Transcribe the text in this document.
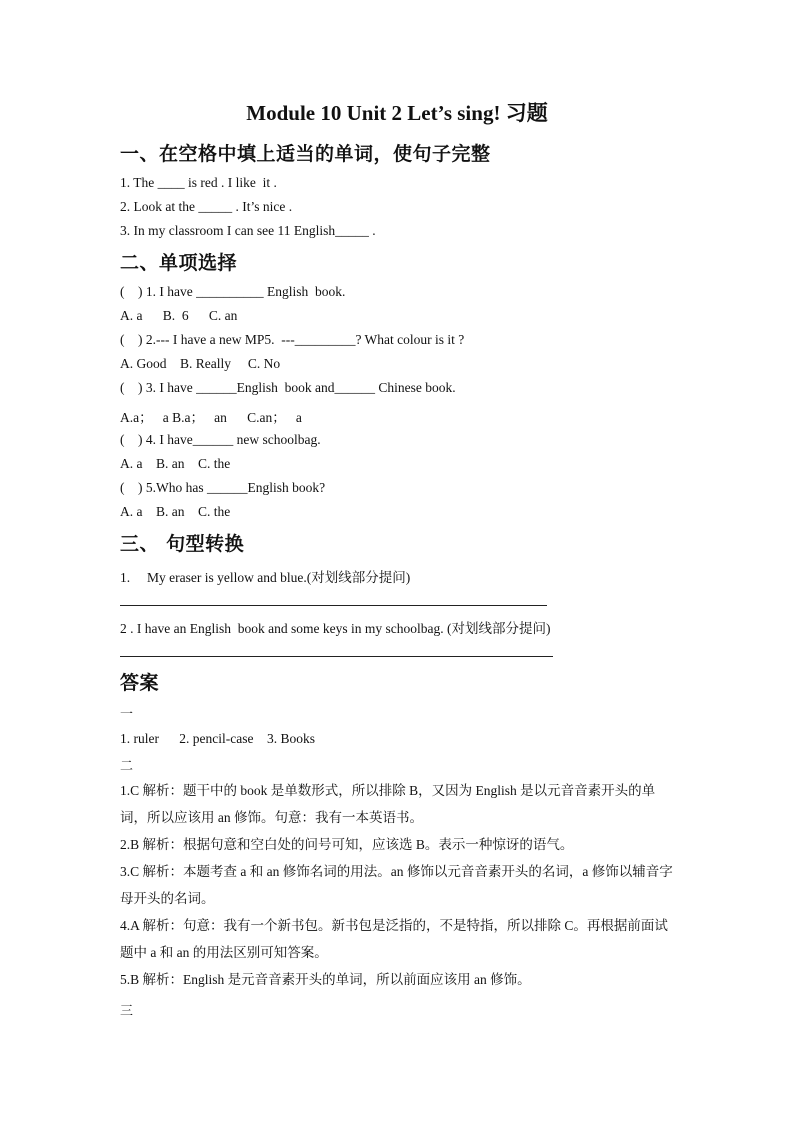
Module 10 Unit 2 Let’s sing! 习题
一、在空格中填上适当的单词，使句子完整
1. The ____ is red . I like  it .
2. Look at the _____ . It’s nice .
3. In my classroom I can see 11 English_____ .
二、单项选择
(    ) 1. I have __________ English  book.
A. a      B.  6      C. an
(    ) 2.--- I have a new MP5.  ---_________? What colour is it ?
A. Good    B. Really     C. No
(    ) 3. I have ______English  book and______ Chinese book.
A.a；   a B.a；   an      C.an；   a
(    ) 4. I have______ new schoolbag.
A. a    B. an    C. the
(    ) 5.Who has ______English book?
A. a    B. an    C. the
三、 句型转换
1.     My eraser is yellow and blue.(对划线部分提问)
2 . I have an English  book and some keys in my schoolbag. (对划线部分提问)
答案
一
1. ruler      2. pencil-case    3. Books
二
1.C 解析：题干中的 book 是单数形式，所以排除 B，又因为 English 是以元音音素开头的单词，所以应该用 an 修饰。句意：我有一本英语书。
2.B 解析：根据句意和空白处的问号可知，应该选 B。表示一种惊讶的语气。
3.C 解析：本题考查 a 和 an 修饰名词的用法。an 修饰以元音音素开头的名词，a 修饰以辅音字母开头的名词。
4.A 解析：句意：我有一个新书包。新书包是泛指的，不是特指，所以排除 C。再根据前面试题中 a 和 an 的用法区别可知答案。
5.B 解析：English 是元音音素开头的单词，所以前面应该用 an 修饰。
三
